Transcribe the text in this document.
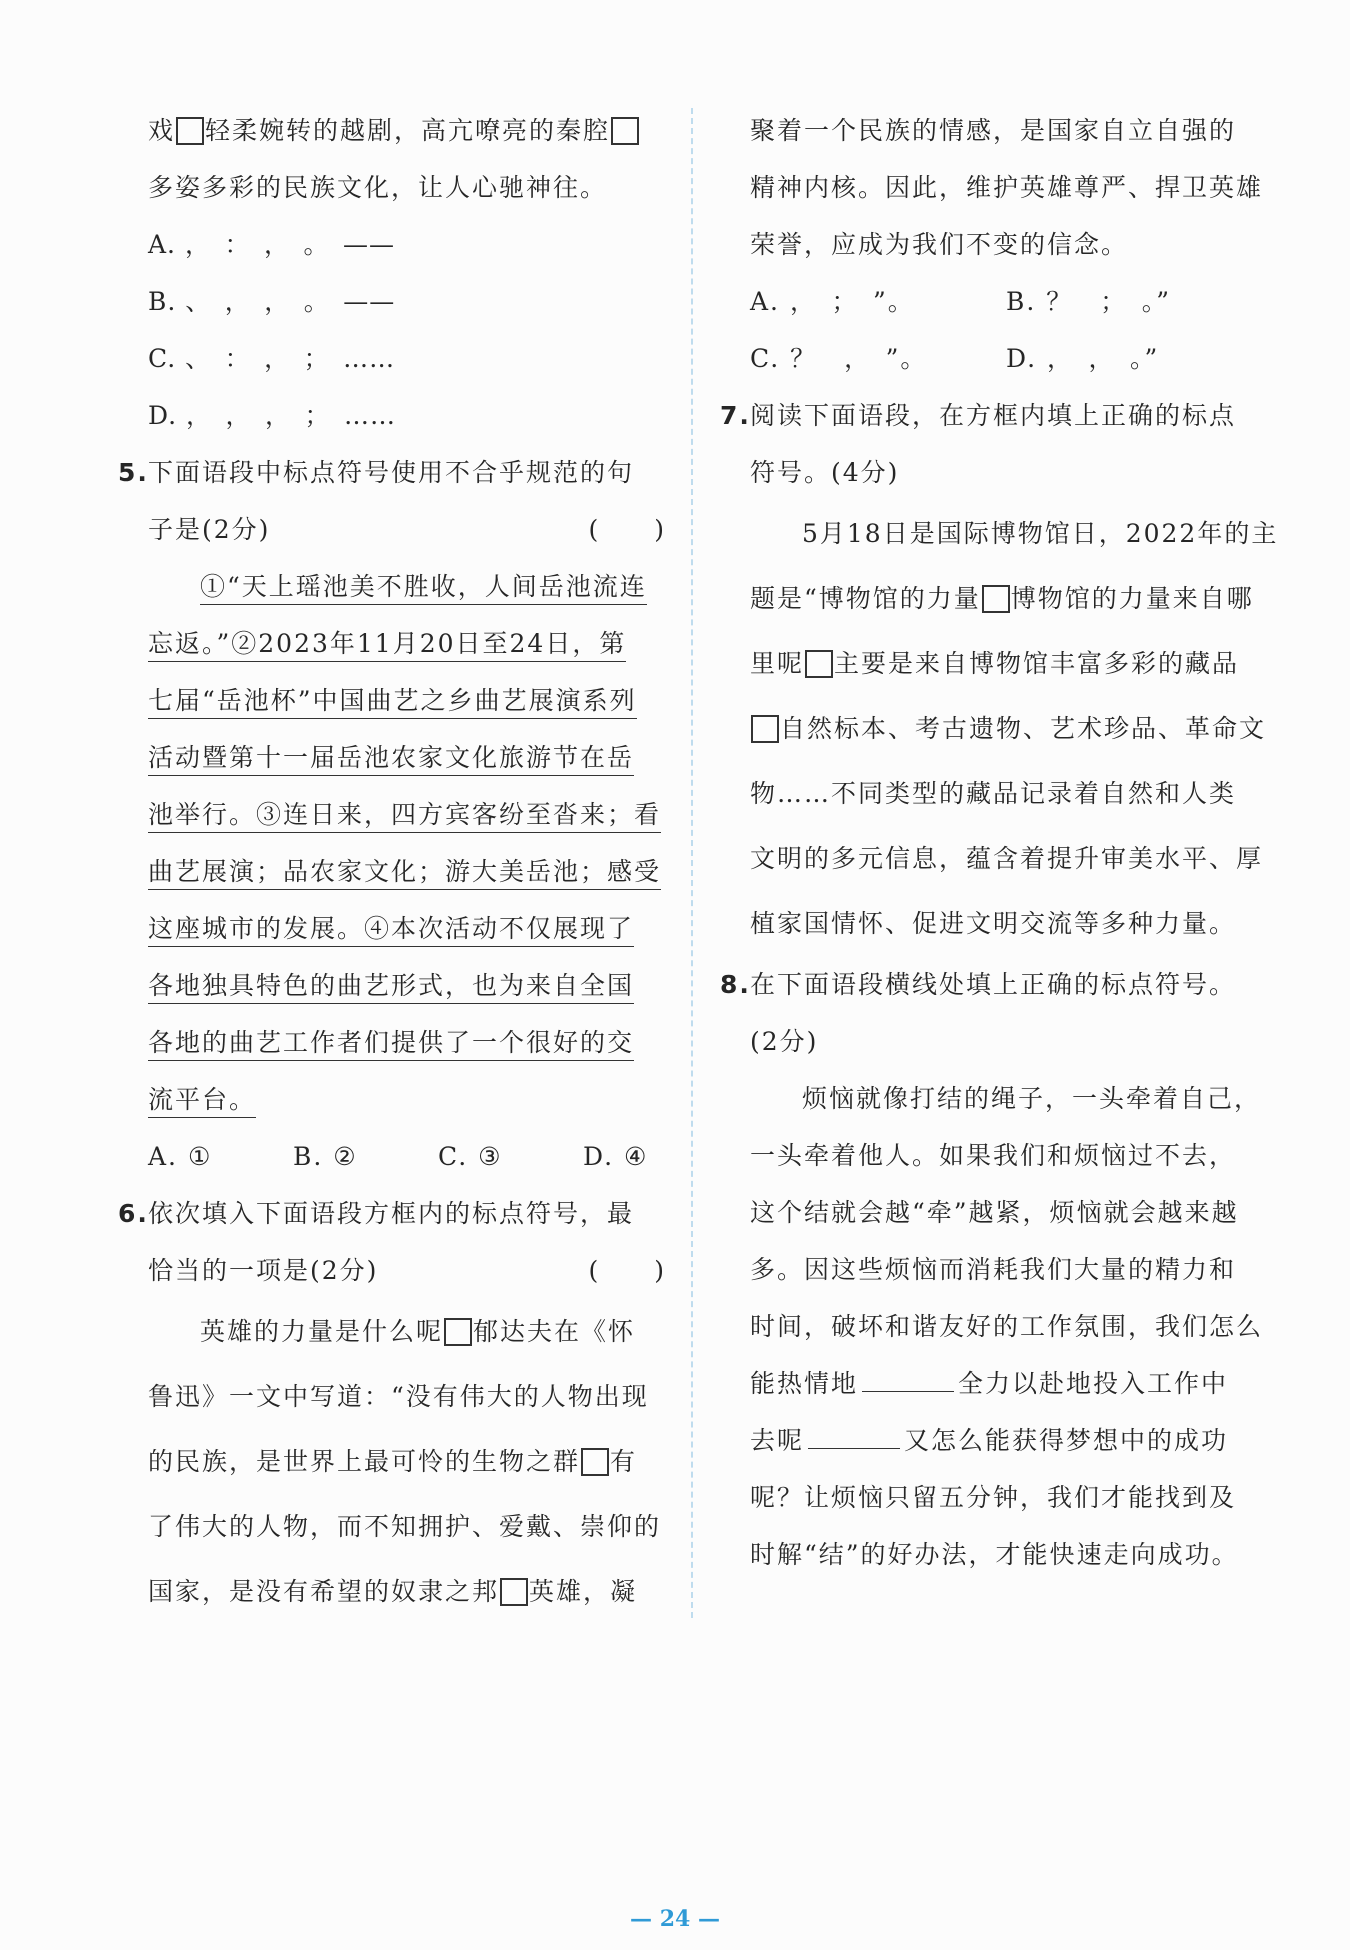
戏 轻柔婉转的越剧，高亢嘹亮的秦腔
多姿多彩的民族文化，让人心驰神往。
A. ，　：　，　。　——
B. 、　，　，　。　——
C. 、　：　，　；　……
D. ，　，　，　；　……
5. 下面语段中标点符号使用不合乎规范的句
子是(2分)	(　　)
①“天上瑶池美不胜收，人间岳池流连
忘返。”②2023年11月20日至24日，第
七届“岳池杯”中国曲艺之乡曲艺展演系列
活动暨第十一届岳池农家文化旅游节在岳
池举行。③连日来，四方宾客纷至沓来；看
曲艺展演；品农家文化；游大美岳池；感受
这座城市的发展。④本次活动不仅展现了
各地独具特色的曲艺形式，也为来自全国
各地的曲艺工作者们提供了一个很好的交
流平台。
A. ①	B. ②	C. ③	D. ④
6. 依次填入下面语段方框内的标点符号，最
恰当的一项是(2分)	(　　)
英雄的力量是什么呢 郁达夫在《怀
鲁迅》一文中写道：“没有伟大的人物出现
的民族，是世界上最可怜的生物之群 有
了伟大的人物，而不知拥护、爱戴、崇仰的
国家，是没有希望的奴隶之邦 英雄，凝
聚着一个民族的情感，是国家自立自强的
精神内核。因此，维护英雄尊严、捍卫英雄
荣誉，应成为我们不变的信念。
A. ，　；　”。	B. ？　；　。”
C. ？　，　”。	D. ，　，　。”
7. 阅读下面语段，在方框内填上正确的标点
符号。(4分)
5月18日是国际博物馆日，2022年的主
题是“博物馆的力量 博物馆的力量来自哪
里呢 主要是来自博物馆丰富多彩的藏品
自然标本、考古遗物、艺术珍品、革命文
物……不同类型的藏品记录着自然和人类
文明的多元信息，蕴含着提升审美水平、厚
植家国情怀、促进文明交流等多种力量。
8. 在下面语段横线处填上正确的标点符号。
(2分)
烦恼就像打结的绳子，一头牵着自己，
一头牵着他人。如果我们和烦恼过不去，
这个结就会越“牵”越紧，烦恼就会越来越
多。因这些烦恼而消耗我们大量的精力和
时间，破坏和谐友好的工作氛围，我们怎么
能热情地	全力以赴地投入工作中
去呢	又怎么能获得梦想中的成功
呢？让烦恼只留五分钟，我们才能找到及
时解“结”的好办法，才能快速走向成功。
— 24 —
